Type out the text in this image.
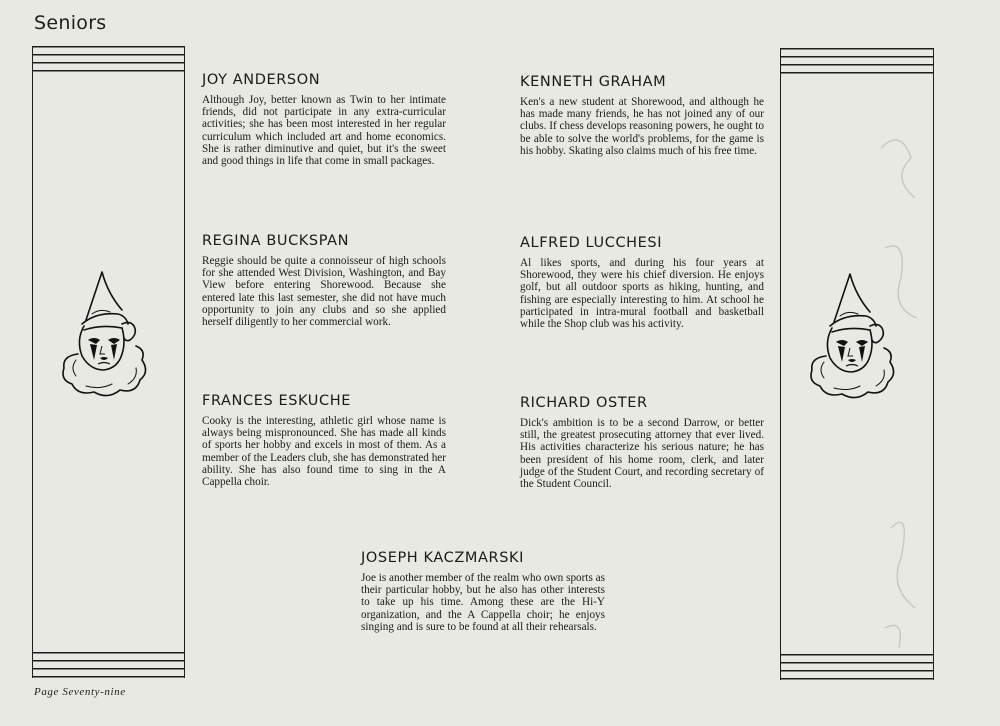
Seniors
JOY ANDERSON

Although Joy, better known as Twin to her intimate friends, did not participate in any extra-curricular activities; she has been most interested in her regular curriculum which included art and home economics. She is rather diminutive and quiet, but it's the sweet and good things in life that come in small packages.

KENNETH GRAHAM

Ken's a new student at Shorewood, and although he has made many friends, he has not joined any of our clubs. If chess develops reasoning powers, he ought to be able to solve the world's problems, for the game is his hobby. Skating also claims much of his free time.

REGINA BUCKSPAN

Reggie should be quite a connoisseur of high schools for she attended West Division, Washington, and Bay View before entering Shorewood. Because she entered late this last semester, she did not have much opportunity to join any clubs and so she applied herself diligently to her commercial work.

ALFRED LUCCHESI

Al likes sports, and during his four years at Shorewood, they were his chief diversion. He enjoys golf, but all outdoor sports as hiking, hunting, and fishing are especially interesting to him. At school he participated in intra-mural football and basketball while the Shop club was his activity.

FRANCES ESKUCHE

Cooky is the interesting, athletic girl whose name is always being mispronounced. She has made all kinds of sports her hobby and excels in most of them. As a member of the Leaders club, she has demonstrated her ability. She has also found time to sing in the A Cappella choir.

RICHARD OSTER

Dick's ambition is to be a second Darrow, or better still, the greatest prosecuting attorney that ever lived. His activities characterize his serious nature; he has been president of his home room, clerk, and later judge of the Student Court, and recording secretary of the Student Council.

JOSEPH KACZMARSKI

Joe is another member of the realm who own sports as their particular hobby, but he also has other interests to take up his time. Among these are the Hi-Y organization, and the A Cappella choir; he enjoys singing and is sure to be found at all their rehearsals.

Page Seventy-nine
